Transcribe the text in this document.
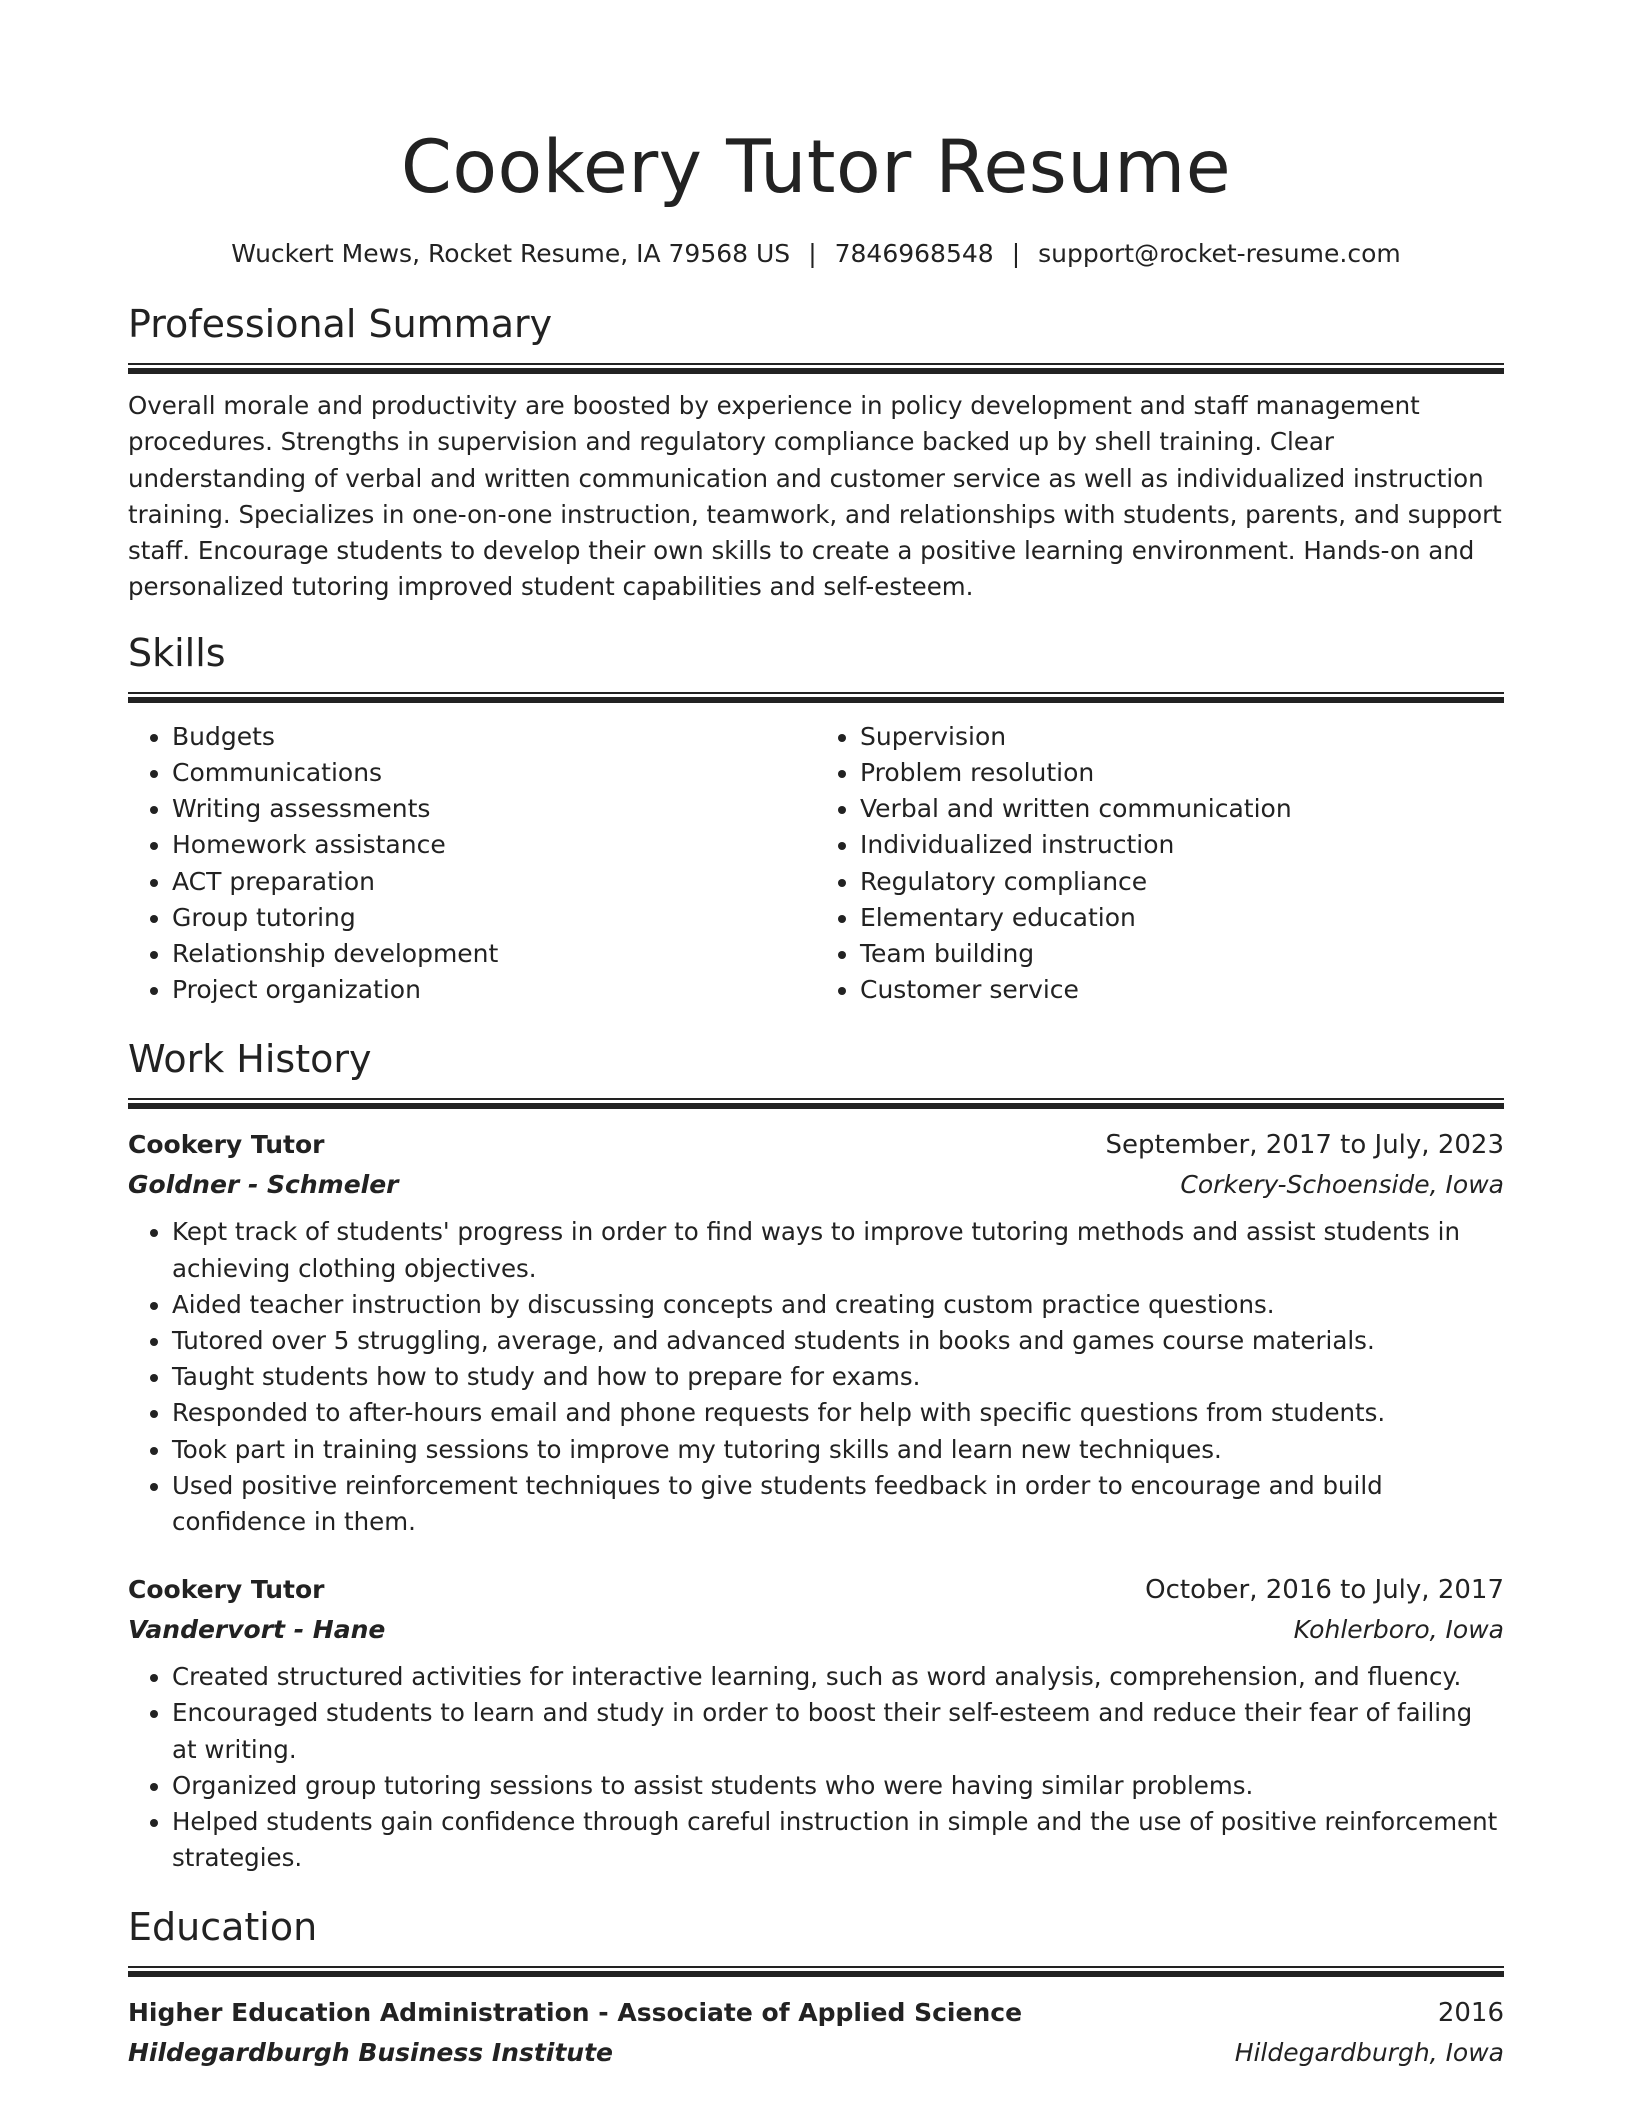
Cookery Tutor Resume
Wuckert Mews, Rocket Resume, IA 79568 US | 7846968548 | support@rocket-resume.com
Professional Summary
Overall morale and productivity are boosted by experience in policy development and staff management procedures. Strengths in supervision and regulatory compliance backed up by shell training. Clear understanding of verbal and written communication and customer service as well as individualized instruction training. Specializes in one-on-one instruction, teamwork, and relationships with students, parents, and support staff. Encourage students to develop their own skills to create a positive learning environment. Hands-on and personalized tutoring improved student capabilities and self-esteem.
Skills
• Budgets
• Communications
• Writing assessments
• Homework assistance
• ACT preparation
• Group tutoring
• Relationship development
• Project organization
• Supervision
• Problem resolution
• Verbal and written communication
• Individualized instruction
• Regulatory compliance
• Elementary education
• Team building
• Customer service
Work History
Cookery Tutor	September, 2017 to July, 2023
Goldner - Schmeler	Corkery-Schoenside, Iowa
• Kept track of students' progress in order to find ways to improve tutoring methods and assist students in achieving clothing objectives.
• Aided teacher instruction by discussing concepts and creating custom practice questions.
• Tutored over 5 struggling, average, and advanced students in books and games course materials.
• Taught students how to study and how to prepare for exams.
• Responded to after-hours email and phone requests for help with specific questions from students.
• Took part in training sessions to improve my tutoring skills and learn new techniques.
• Used positive reinforcement techniques to give students feedback in order to encourage and build confidence in them.
Cookery Tutor	October, 2016 to July, 2017
Vandervort - Hane	Kohlerboro, Iowa
• Created structured activities for interactive learning, such as word analysis, comprehension, and fluency.
• Encouraged students to learn and study in order to boost their self-esteem and reduce their fear of failing at writing.
• Organized group tutoring sessions to assist students who were having similar problems.
• Helped students gain confidence through careful instruction in simple and the use of positive reinforcement strategies.
Education
Higher Education Administration - Associate of Applied Science	2016
Hildegardburgh Business Institute	Hildegardburgh, Iowa
